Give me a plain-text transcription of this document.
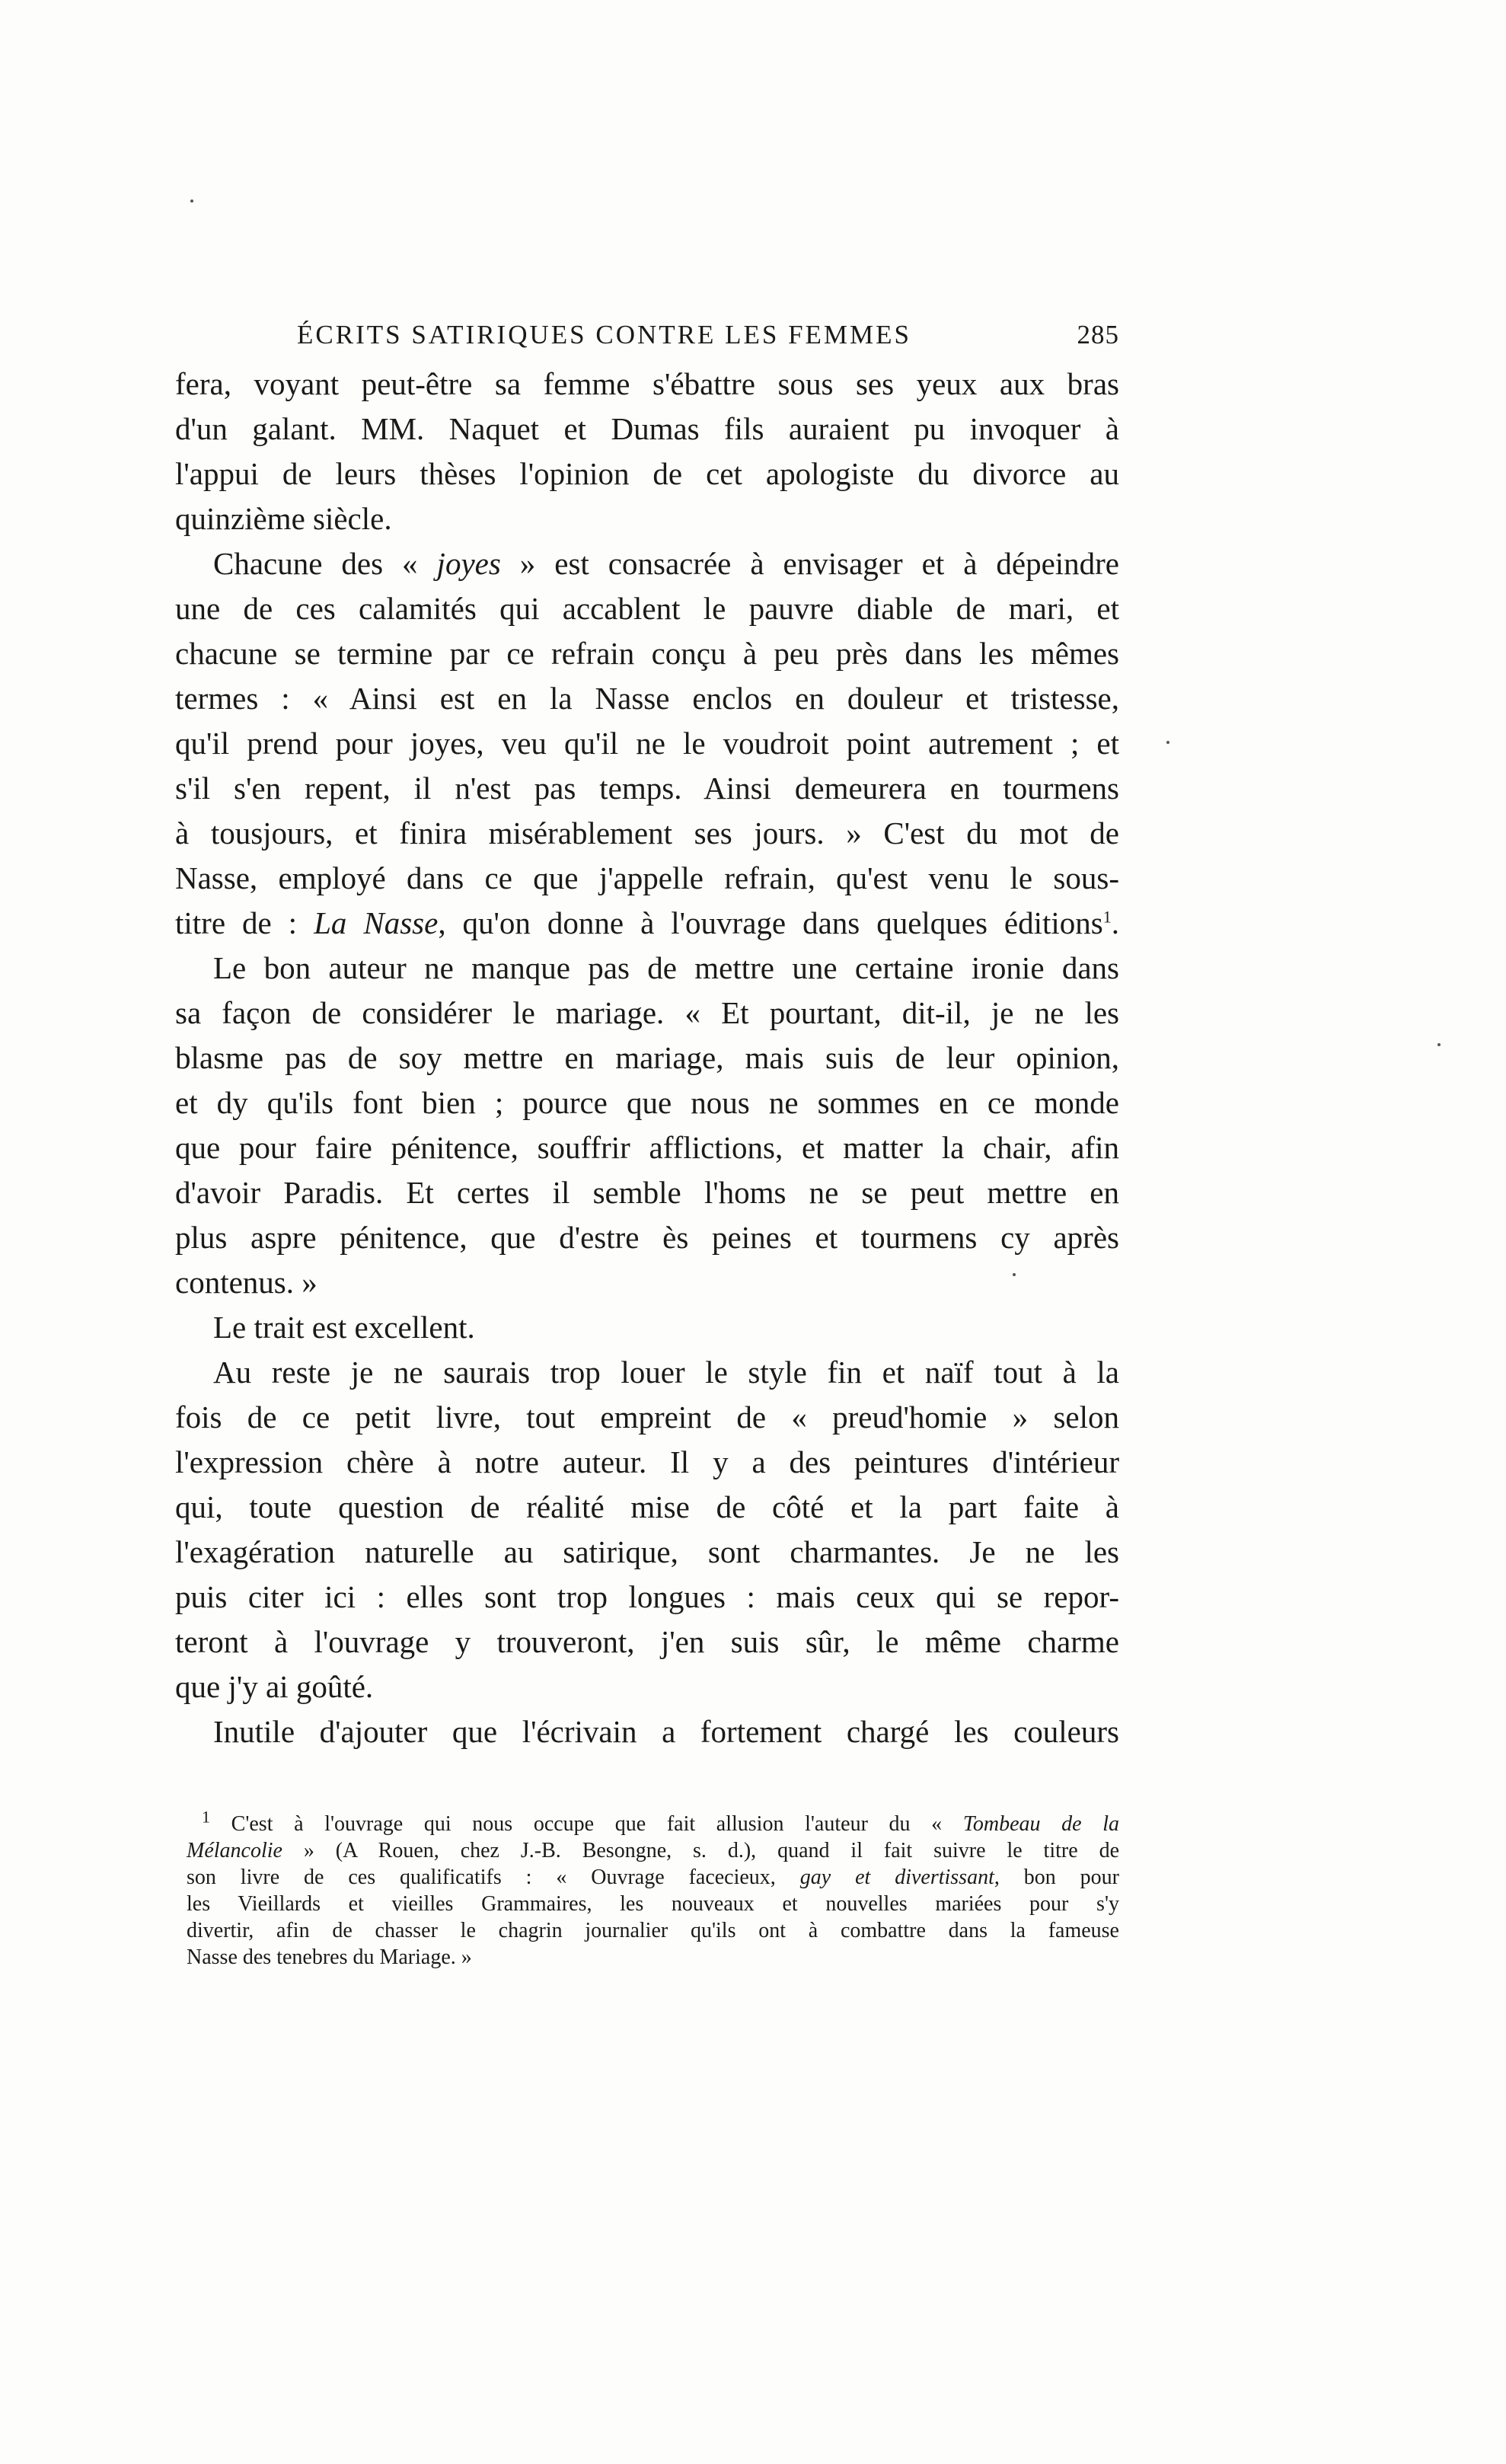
ÉCRITS SATIRIQUES CONTRE LES FEMMES	285
fera, voyant peut-être sa femme s'ébattre sous ses yeux aux bras
d'un galant. MM. Naquet et Dumas fils auraient pu invoquer à
l'appui de leurs thèses l'opinion de cet apologiste du divorce au
quinzième siècle.
Chacune des « joyes » est consacrée à envisager et à dépeindre
une de ces calamités qui accablent le pauvre diable de mari, et
chacune se termine par ce refrain conçu à peu près dans les mêmes
termes : « Ainsi est en la Nasse enclos en douleur et tristesse,
qu'il prend pour joyes, veu qu'il ne le voudroit point autrement ; et
s'il s'en repent, il n'est pas temps. Ainsi demeurera en tourmens
à tousjours, et finira misérablement ses jours. » C'est du mot de
Nasse, employé dans ce que j'appelle refrain, qu'est venu le sous-
titre de : La Nasse, qu'on donne à l'ouvrage dans quelques éditions$^1$.
Le bon auteur ne manque pas de mettre une certaine ironie dans
sa façon de considérer le mariage. « Et pourtant, dit-il, je ne les
blasme pas de soy mettre en mariage, mais suis de leur opinion,
et dy qu'ils font bien ; pource que nous ne sommes en ce monde
que pour faire pénitence, souffrir afflictions, et matter la chair, afin
d'avoir Paradis. Et certes il semble l'homs ne se peut mettre en
plus aspre pénitence, que d'estre ès peines et tourmens cy après
contenus. »
Le trait est excellent.
Au reste je ne saurais trop louer le style fin et naïf tout à la
fois de ce petit livre, tout empreint de « preud'homie » selon
l'expression chère à notre auteur. Il y a des peintures d'intérieur
qui, toute question de réalité mise de côté et la part faite à
l'exagération naturelle au satirique, sont charmantes. Je ne les
puis citer ici : elles sont trop longues : mais ceux qui se repor-
teront à l'ouvrage y trouveront, j'en suis sûr, le même charme
que j'y ai goûté.
Inutile d'ajouter que l'écrivain a fortement chargé les couleurs
$^1$ C'est à l'ouvrage qui nous occupe que fait allusion l'auteur du « Tombeau de la
Mélancolie » (A Rouen, chez J.-B. Besongne, s. d.), quand il fait suivre le titre de
son livre de ces qualificatifs : « Ouvrage facecieux, gay et divertissant, bon pour
les Vieillards et vieilles Grammaires, les nouveaux et nouvelles mariées pour s'y
divertir, afin de chasser le chagrin journalier qu'ils ont à combattre dans la fameuse
Nasse des tenebres du Mariage. »
